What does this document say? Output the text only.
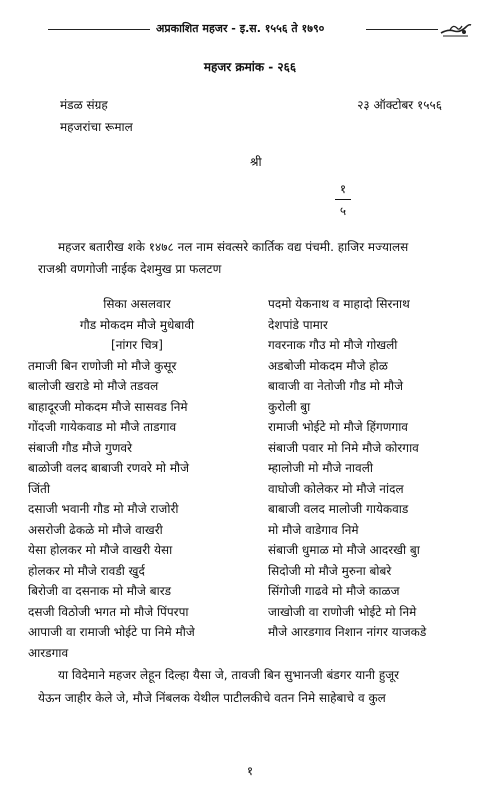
अप्रकाशित महजर - इ.स. १५५६ ते १७९०
महजर क्रमांक - २६६
मंडळ संग्रह
महजरांचा रूमाल
२३ ऑक्टोबर १५५६
श्री
१
५
महजर बतारीख शके १४७८ नल नाम संवत्सरे कार्तिक वद्य पंचमी. हाजिर मज्यालस
राजश्री वणगोजी नाईक देशमुख प्रा फलटण
सिका असलवार
गौड मोकदम मौजे मुधेबावी
[नांगर चित्र]
तमाजी बिन राणोजी मो मौजे कुसूर
बालोजी खराडे मो मौजे तडवल
बाहादूरजी मोकदम मौजे सासवड निमे
गोंदजी गायेकवाड मो मौजे ताडगाव
संबाजी गौड मौजे गुणवरे
बाळोजी वलद बाबाजी रणवरे मो मौजे
जिंती
दसाजी भवानी गौड मो मौजे राजोरी
असरोजी ढेकळे मो मौजे वाखरी
येसा होलकर मो मौजे वाखरी येसा
होलकर मो मौजे रावडी खुर्द
बिरोजी वा दसनाक मो मौजे बारड
दसजी विठोजी भगत मो मौजे पिंपरपा
आपाजी वा रामाजी भोईटे पा निमे मौजे
आरडगाव
पदमो येकनाथ व माहादो सिरनाथ
देशपांडे पामार
गवरनाक गौउ मो मौजे गोखली
अडबोजी मोकदम मौजे होळ
बावाजी वा नेतोजी गौड मो मौजे
कुरोली बुा
रामाजी भोईटे मो मौजे हिंगणगाव
संबाजी पवार मो निमे मौजे कोरगाव
म्हालोजी मो मौजे नावली
वाघोजी कोलेकर मो मौजे नांदल
बाबाजी वलद मालोजी गायेकवाड
मो मौजे वाडेगाव निमे
संबाजी धुमाळ मो मौजे आदरखी बुा
सिदोजी मो मौजे मुरुना बोबरे
सिंगोजी गाढवे मो मौजे काळज
जाखोजी वा राणोजी भोईटे मो निमे
मौजे आरडगाव निशान नांगर याजकडे
या विदेमाने महजर लेहून दिल्हा यैसा जे, तावजी बिन सुभानजी बंडगर यानी हुजूर
येऊन जाहीर केले जे, मौजे निंबलक येथील पाटीलकीचे वतन निमे साहेबाचे व कुल
१
